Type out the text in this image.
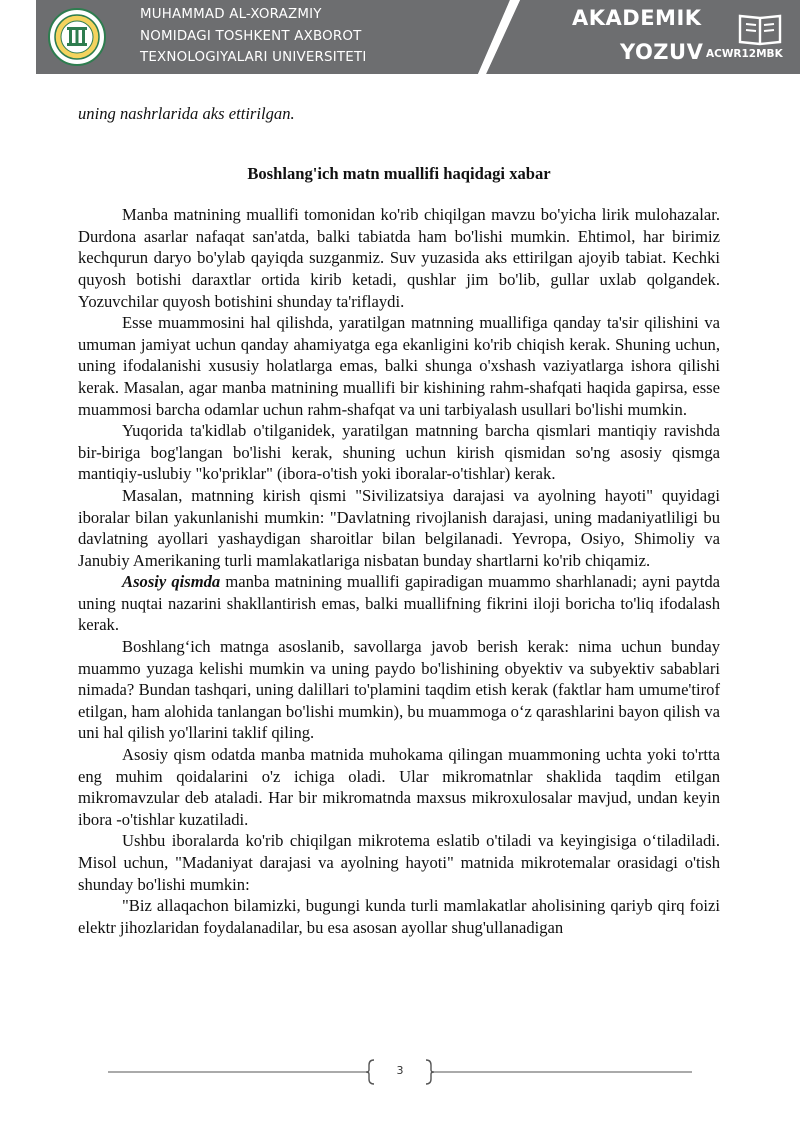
MUHAMMAD AL-XORAZMIY
NOMIDAGI TOSHKENT AXBOROT
TEXNOLOGIYALARI UNIVERSITETI
AKADEMIK
YOZUV ACWR12MBK

uning nashrlarida aks ettirilgan.

Boshlang'ich matn muallifi haqidagi xabar

Manba matnining muallifi tomonidan ko'rib chiqilgan mavzu bo'yicha lirik mulohazalar. Durdona asarlar nafaqat san'atda, balki tabiatda ham bo'lishi mumkin. Ehtimol, har birimiz kechqurun daryo bo'ylab qayiqda suzganmiz. Suv yuzasida aks ettirilgan ajoyib tabiat. Kechki quyosh botishi daraxtlar ortida kirib ketadi, qushlar jim bo'lib, gullar uxlab qolgandek. Yozuvchilar quyosh botishini shunday ta'riflaydi.

Esse muammosini hal qilishda, yaratilgan matnning muallifiga qanday ta'sir qilishini va umuman jamiyat uchun qanday ahamiyatga ega ekanligini ko'rib chiqish kerak. Shuning uchun, uning ifodalanishi xususiy holatlarga emas, balki shunga o'xshash vaziyatlarga ishora qilishi kerak. Masalan, agar manba matnining muallifi bir kishining rahm-shafqati haqida gapirsa, esse muammosi barcha odamlar uchun rahm-shafqat va uni tarbiyalash usullari bo'lishi mumkin.

Yuqorida ta'kidlab o'tilganidek, yaratilgan matnning barcha qismlari mantiqiy ravishda bir-biriga bog'langan bo'lishi kerak, shuning uchun kirish qismidan so'ng asosiy qismga mantiqiy-uslubiy "ko'priklar" (ibora-o'tish yoki iboralar-o'tishlar) kerak.

Masalan, matnning kirish qismi "Sivilizatsiya darajasi va ayolning hayoti" quyidagi iboralar bilan yakunlanishi mumkin: "Davlatning rivojlanish darajasi, uning madaniyatliligi bu davlatning ayollari yashaydigan sharoitlar bilan belgilanadi. Yevropa, Osiyo, Shimoliy va Janubiy Amerikaning turli mamlakatlariga nisbatan bunday shartlarni ko'rib chiqamiz.

Asosiy qismda manba matnining muallifi gapiradigan muammo sharhlanadi; ayni paytda uning nuqtai nazarini shakllantirish emas, balki muallifning fikrini iloji boricha to'liq ifodalash kerak.

Boshlang‘ich matnga asoslanib, savollarga javob berish kerak: nima uchun bunday muammo yuzaga kelishi mumkin va uning paydo bo'lishining obyektiv va subyektiv sabablari nimada? Bundan tashqari, uning dalillari to'plamini taqdim etish kerak (faktlar ham umume'tirof etilgan, ham alohida tanlangan bo'lishi mumkin), bu muammoga o‘z qarashlarini bayon qilish va uni hal qilish yo'llarini taklif qiling.

Asosiy qism odatda manba matnida muhokama qilingan muammoning uchta yoki to'rtta eng muhim qoidalarini o'z ichiga oladi. Ular mikromatnlar shaklida taqdim etilgan mikromavzular deb ataladi. Har bir mikromatnda maxsus mikroxulosalar mavjud, undan keyin ibora -o'tishlar kuzatiladi.

Ushbu iboralarda ko'rib chiqilgan mikrotema eslatib o'tiladi va keyingisiga o‘tiladiladi. Misol uchun, "Madaniyat darajasi va ayolning hayoti" matnida mikrotemalar orasidagi o'tish shunday bo'lishi mumkin:

"Biz allaqachon bilamizki, bugungi kunda turli mamlakatlar aholisining qariyb qirq foizi elektr jihozlaridan foydalanadilar, bu esa asosan ayollar shug'ullanadigan

3
